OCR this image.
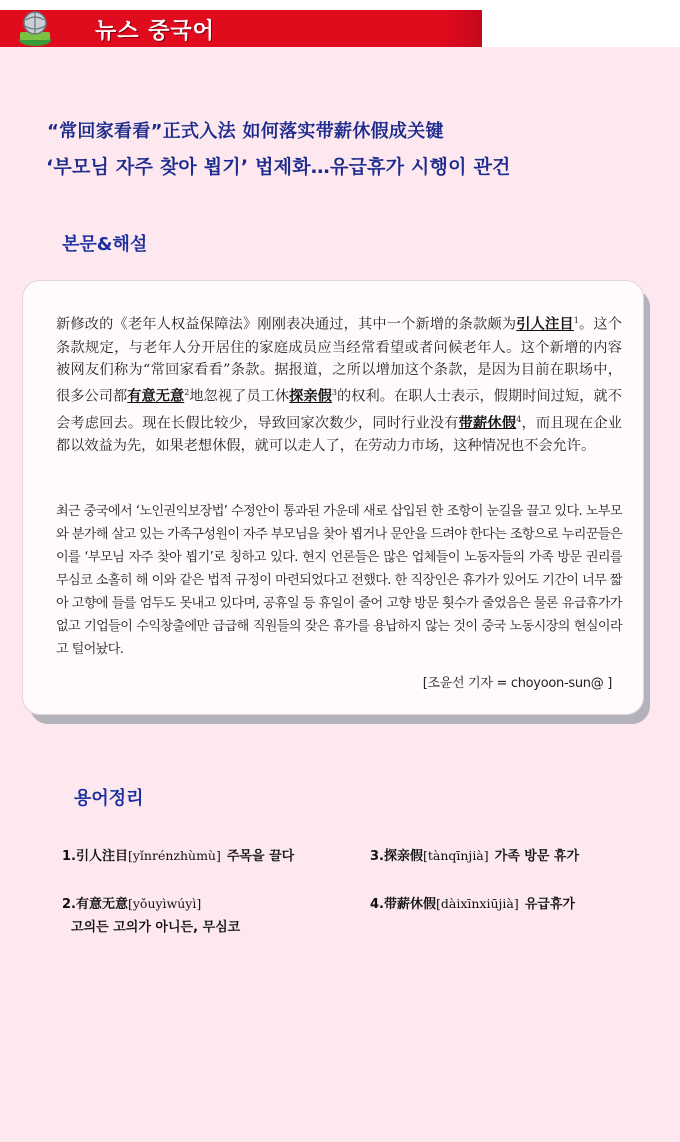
뉴스 중국어
“常回家看看”正式入法 如何落实带薪休假成关键
‘부모님 자주 찾아 뵙기’ 법제화…유급휴가 시행이 관건
본문&해설
新修改的《老年人权益保障法》刚刚表决通过，其中一个新增的条款颇为引人注目$^1$。这个条款规定，与老年人分开居住的家庭成员应当经常看望或者问候老年人。这个新增的内容被网友们称为“常回家看看”条款。据报道，之所以增加这个条款，是因为目前在职场中，很多公司都有意无意$^2$地忽视了员工休探亲假$^3$的权利。在职人士表示，假期时间过短，就不会考虑回去。现在长假比较少，导致回家次数少，同时行业没有带薪休假$^4$，而且现在企业都以效益为先，如果老想休假，就可以走人了，在劳动力市场，这种情况也不会允许。
최근 중국에서 ‘노인권익보장법’ 수정안이 통과된 가운데 새로 삽입된 한 조항이 눈길을 끌고 있다. 노부모와 분가해 살고 있는 가족구성원이 자주 부모님을 찾아 뵙거나 문안을 드려야 한다는 조항으로 누리꾼들은 이를 ‘부모님 자주 찾아 뵙기’로 칭하고 있다. 현지 언론들은 많은 업체들이 노동자들의 가족 방문 권리를 무심코 소홀히 해 이와 같은 법적 규정이 마련되었다고 전했다. 한 직장인은 휴가가 있어도 기간이 너무 짧아 고향에 들를 엄두도 못내고 있다며, 공휴일 등 휴일이 줄어 고향 방문 횟수가 줄었음은 물론 유급휴가가 없고 기업들이 수익창출에만 급급해 직원들의 잦은 휴가를 용납하지 않는 것이 중국 노동시장의 현실이라고 털어놨다.
[조윤선 기자 = choyoon-sun@ ]
용어정리
1.引人注目[yǐnrénzhùmù] 주목을 끌다	3.探亲假[tànqīnjià] 가족 방문 휴가
2.有意无意[yǒuyìwúyì]
고의든 고의가 아니든, 무심코
4.带薪休假[dàixīnxiūjià] 유급휴가
